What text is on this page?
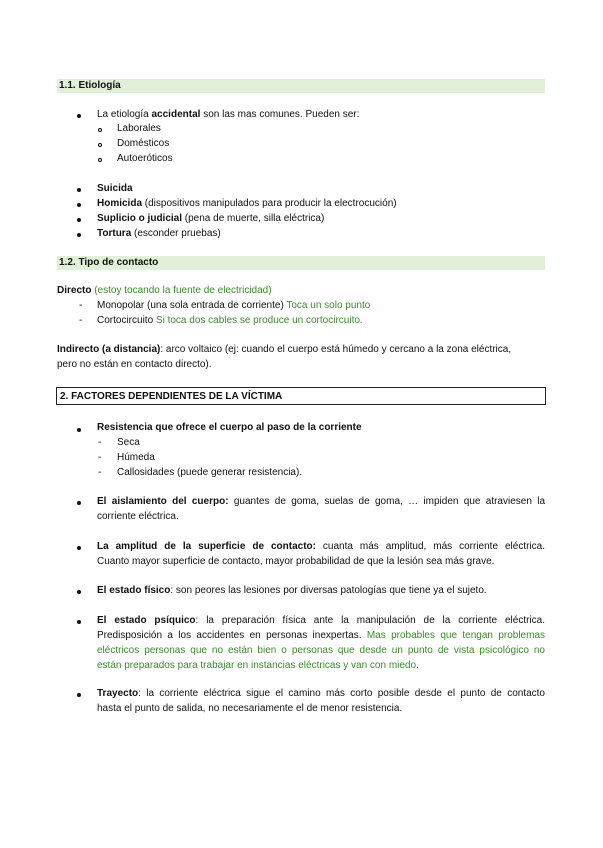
1.1. Etiología
La etiología accidental son las mas comunes. Pueden ser:
Laborales
Domésticos
Autoeróticos
Suicida
Homicida (dispositivos manipulados para producir la electrocución)
Suplicio o judicial (pena de muerte, silla eléctrica)
Tortura (esconder pruebas)
1.2. Tipo de contacto
Directo (estoy tocando la fuente de electricidad)
- Monopolar (una sola entrada de corriente) Toca un solo punto
- Cortocircuito Si toca dos cables se produce un cortocircuito.
Indirecto (a distancia): arco voltaico (ej: cuando el cuerpo está húmedo y cercano a la zona eléctrica,
pero no están en contacto directo).
2. FACTORES DEPENDIENTES DE LA VÍCTIMA
Resistencia que ofrece el cuerpo al paso de la corriente
- Seca
- Húmeda
- Callosidades (puede generar resistencia).
El aislamiento del cuerpo: guantes de goma, suelas de goma, … impiden que atraviesen la
corriente eléctrica.
La amplitud de la superficie de contacto: cuanta más amplitud, más corriente eléctrica.
Cuanto mayor superficie de contacto, mayor probabilidad de que la lesión sea más grave.
El estado físico: son peores las lesiones por diversas patologías que tiene ya el sujeto.
El estado psíquico: la preparación física ante la manipulación de la corriente eléctrica.
Predisposición a los accidentes en personas inexpertas. Mas probables que tengan problemas
eléctricos personas que no están bien o personas que desde un punto de vista psicológico no
están preparados para trabajar en instancias eléctricas y van con miedo.
Trayecto: la corriente eléctrica sigue el camino más corto posible desde el punto de contacto
hasta el punto de salida, no necesariamente el de menor resistencia.
